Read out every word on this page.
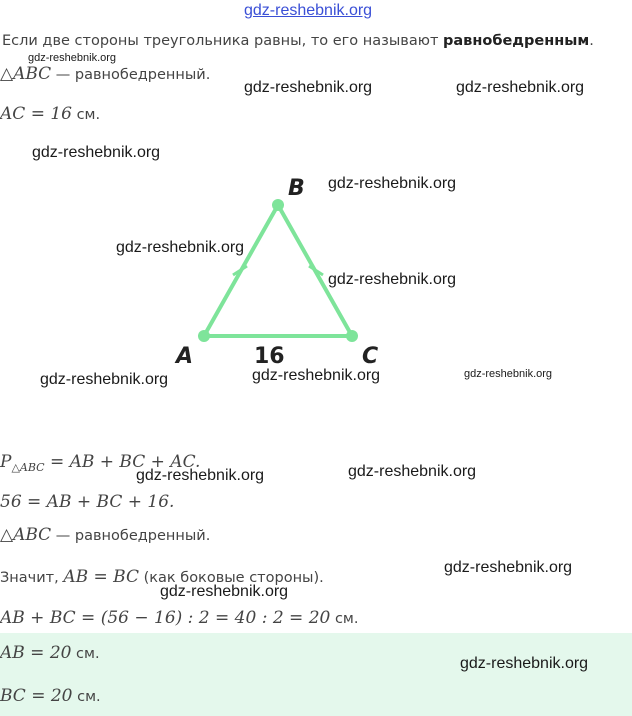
gdz-reshebnik.org
Если две стороны треугольника равны, то его называют равнобедренным.
gdz-reshebnik.org
△ABC — равнобедренный.
gdz-reshebnik.org	gdz-reshebnik.org
AC = 16 см.
gdz-reshebnik.org
B
A	C
16
gdz-reshebnik.org
gdz-reshebnik.org
gdz-reshebnik.org
gdz-reshebnik.org	gdz-reshebnik.org	gdz-reshebnik.org
$P_{\triangle ABC}$ = AB + BC + AC.
gdz-reshebnik.org	gdz-reshebnik.org
56 = AB + BC + 16.
△ABC — равнобедренный.
Значит, AB = BC (как боковые стороны).
gdz-reshebnik.org
gdz-reshebnik.org
AB + BC = (56 − 16) : 2 = 40 : 2 = 20 см.
AB = 20 см.
gdz-reshebnik.org
BC = 20 см.
